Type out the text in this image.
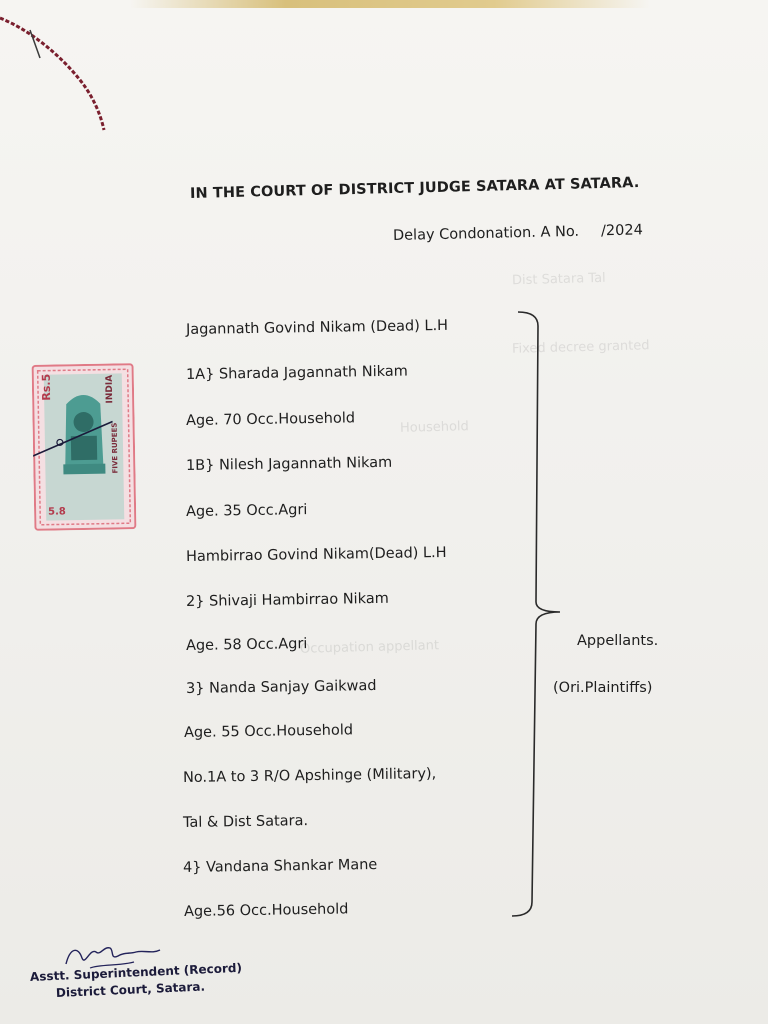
Dist Satara Tal
Fixed decree granted
Household
Occupation appellant
IN THE COURT OF DISTRICT JUDGE SATARA AT SATARA.
Delay Condonation. A No. /2024
Jagannath Govind Nikam (Dead) L.H
1A} Sharada Jagannath Nikam
Age. 70 Occ.Household
1B} Nilesh Jagannath Nikam
Age. 35 Occ.Agri
Hambirrao Govind Nikam(Dead) L.H
2} Shivaji Hambirrao Nikam
Age. 58 Occ.Agri
3} Nanda Sanjay Gaikwad
Age. 55 Occ.Household
No.1A to 3 R/O Apshinge (Military),
Tal & Dist Satara.
4} Vandana Shankar Mane
Age.56 Occ.Household
Appellants.
(Ori.Plaintiffs)
Rs.5	INDIA
FIVE RUPEES
5.8
Asstt. Superintendent (Record)
District Court, Satara.
